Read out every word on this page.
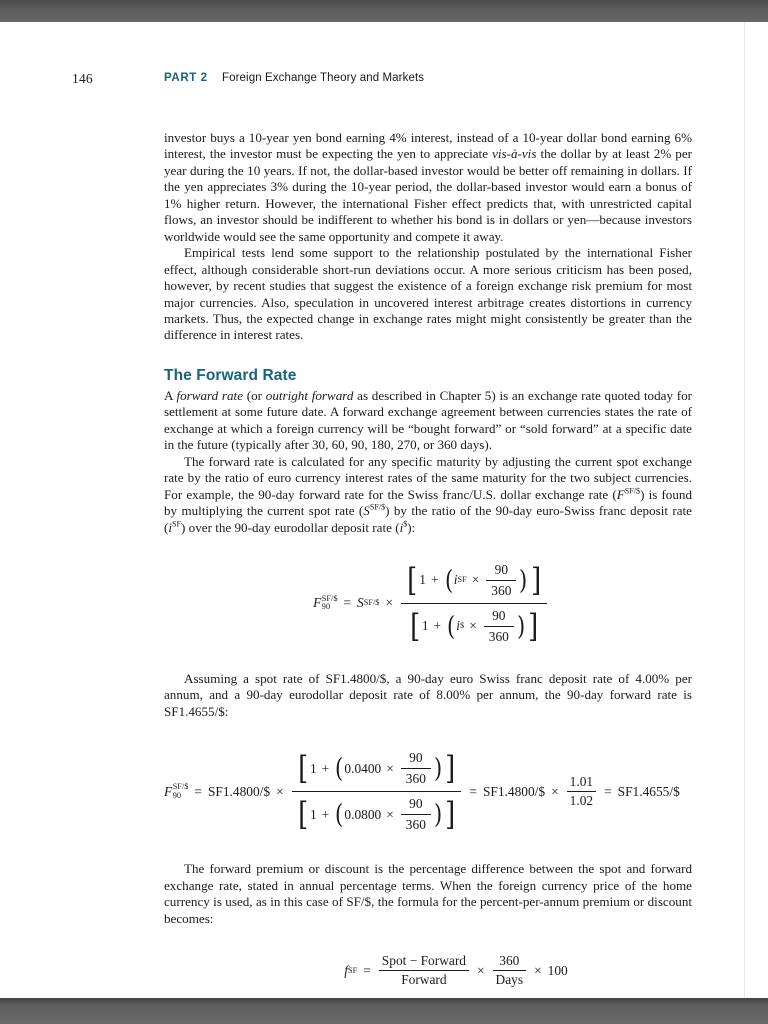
146	PART 2 Foreign Exchange Theory and Markets

investor buys a 10-year yen bond earning 4% interest, instead of a 10-year dollar bond earning 6% interest, the investor must be expecting the yen to appreciate vis-à-vis the dollar by at least 2% per year during the 10 years. If not, the dollar-based investor would be better off remaining in dollars. If the yen appreciates 3% during the 10-year period, the dollar-based investor would earn a bonus of 1% higher return. However, the international Fisher effect predicts that, with unrestricted capital flows, an investor should be indifferent to whether his bond is in dollars or yen—because investors worldwide would see the same opportunity and compete it away.

Empirical tests lend some support to the relationship postulated by the international Fisher effect, although considerable short-run deviations occur. A more serious criticism has been posed, however, by recent studies that suggest the existence of a foreign exchange risk premium for most major currencies. Also, speculation in uncovered interest arbitrage creates distortions in currency markets. Thus, the expected change in exchange rates might might consistently be greater than the difference in interest rates.

The Forward Rate

A forward rate (or outright forward as described in Chapter 5) is an exchange rate quoted today for settlement at some future date. A forward exchange agreement between currencies states the rate of exchange at which a foreign currency will be “bought forward” or “sold forward” at a specific date in the future (typically after 30, 60, 90, 180, 270, or 360 days).

The forward rate is calculated for any specific maturity by adjusting the current spot exchange rate by the ratio of euro currency interest rates of the same maturity for the two subject currencies. For example, the 90-day forward rate for the Swiss franc/U.S. dollar exchange rate $(F^{SF/\$})$ is found by multiplying the current spot rate $(S^{SF/\$})$ by the ratio of the 90-day euro-Swiss franc deposit rate $(i^{SF})$ over the 90-day eurodollar deposit rate (i$):

F SF/$
90 = S SF/$ ×
[ 1 + ( i SF × $\frac{90}{360}$ ) ]
[ 1 + ( i $ × $\frac{90}{360}$ ) ]

Assuming a spot rate of SF1.4800/$, a 90-day euro Swiss franc deposit rate of 4.00% per annum, and a 90-day eurodollar deposit rate of 8.00% per annum, the 90-day forward rate is SF1.4655/$:

F SF/$
90 = SF1.4800/$ ×
[ 1 + ( $0.0400 \times \frac{90}{360}$ ) ]
[ 1 + ( $0.0800 \times \frac{90}{360}$ ) ]
= SF1.4800/$ × $\frac{1.01}{1.02}$ = SF1.4655/$

The forward premium or discount is the percentage difference between the spot and forward exchange rate, stated in annual percentage terms. When the foreign currency price of the home currency is used, as in this case of SF/$, the formula for the percent-per-annum premium or discount becomes:

f SF = $\frac{\text{Spot − Forward}}{\text{Forward}} \times \frac{360}{\text{Days}} \times 100$
